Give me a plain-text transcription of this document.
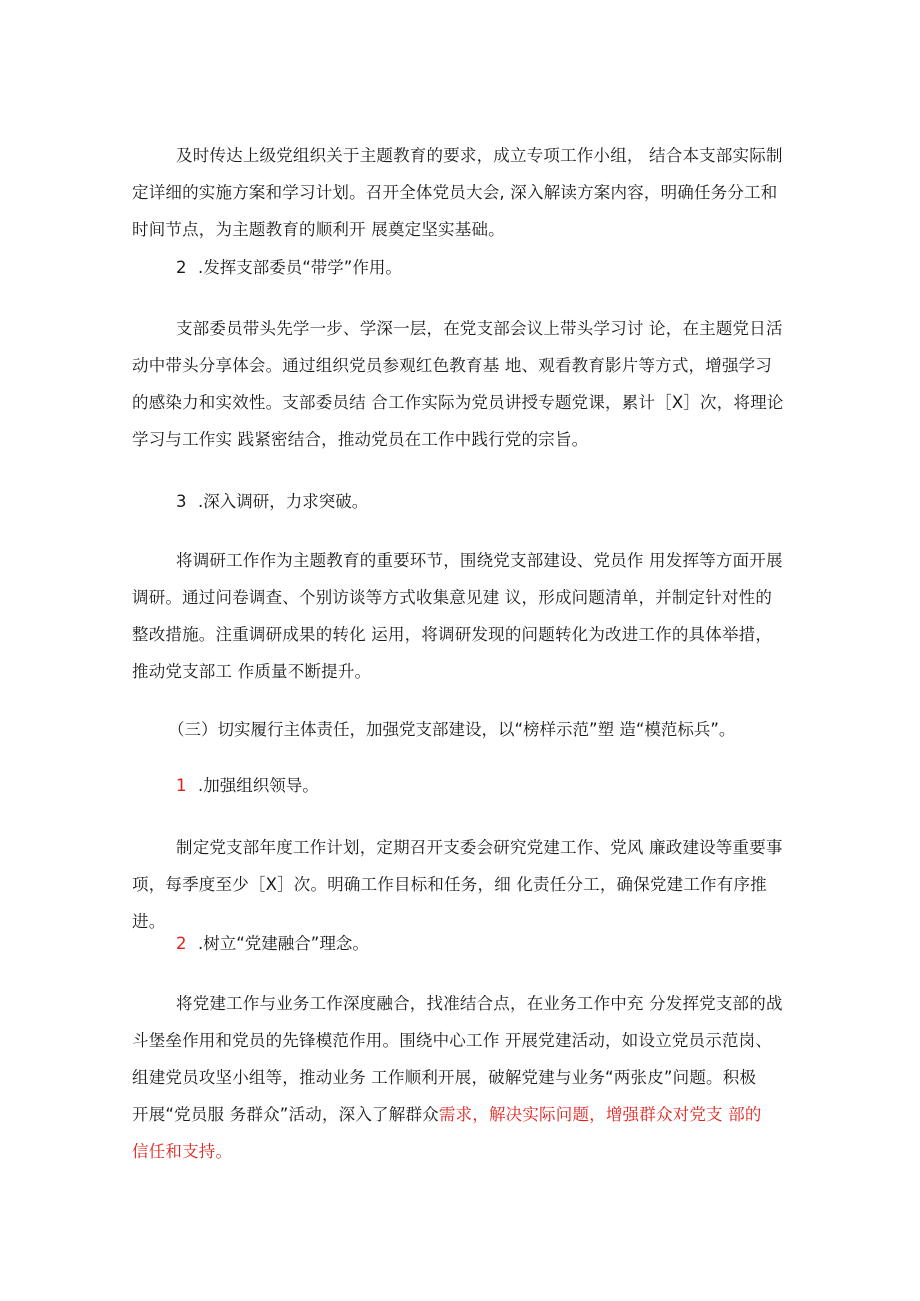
及时传达上级党组织关于主题教育的要求，成立专项工作小组， 结合本支部实际制
定详细的实施方案和学习计划。召开全体党员大会, 深入解读方案内容，明确任务分工和
时间节点，为主题教育的顺利开 展奠定坚实基础。
2 .发挥支部委员“带学”作用。
支部委员带头先学一步、学深一层，在党支部会议上带头学习讨 论，在主题党日活
动中带头分享体会。通过组织党员参观红色教育基 地、观看教育影片等方式，增强学习
的感染力和实效性。支部委员结 合工作实际为党员讲授专题党课，累计［X］次，将理论
学习与工作实 践紧密结合，推动党员在工作中践行党的宗旨。
3 .深入调研，力求突破。
将调研工作作为主题教育的重要环节，围绕党支部建设、党员作 用发挥等方面开展
调研。通过问卷调查、个别访谈等方式收集意见建 议，形成问题清单，并制定针对性的
整改措施。注重调研成果的转化 运用，将调研发现的问题转化为改进工作的具体举措，
推动党支部工 作质量不断提升。
（三）切实履行主体责任，加强党支部建设，以“榜样示范”塑 造“模范标兵”。
1 .加强组织领导。
制定党支部年度工作计划，定期召开支委会研究党建工作、党风 廉政建设等重要事
项，每季度至少［X］次。明确工作目标和任务，细 化责任分工，确保党建工作有序推进。
2 .树立“党建融合”理念。
将党建工作与业务工作深度融合，找准结合点，在业务工作中充 分发挥党支部的战
斗堡垒作用和党员的先锋模范作用。围绕中心工作 开展党建活动，如设立党员示范岗、
组建党员攻坚小组等，推动业务 工作顺利开展，破解党建与业务“两张皮”问题。积极
开展“党员服 务群众”活动，深入了解群众需求，解决实际问题，增强群众对党支 部的
信任和支持。
